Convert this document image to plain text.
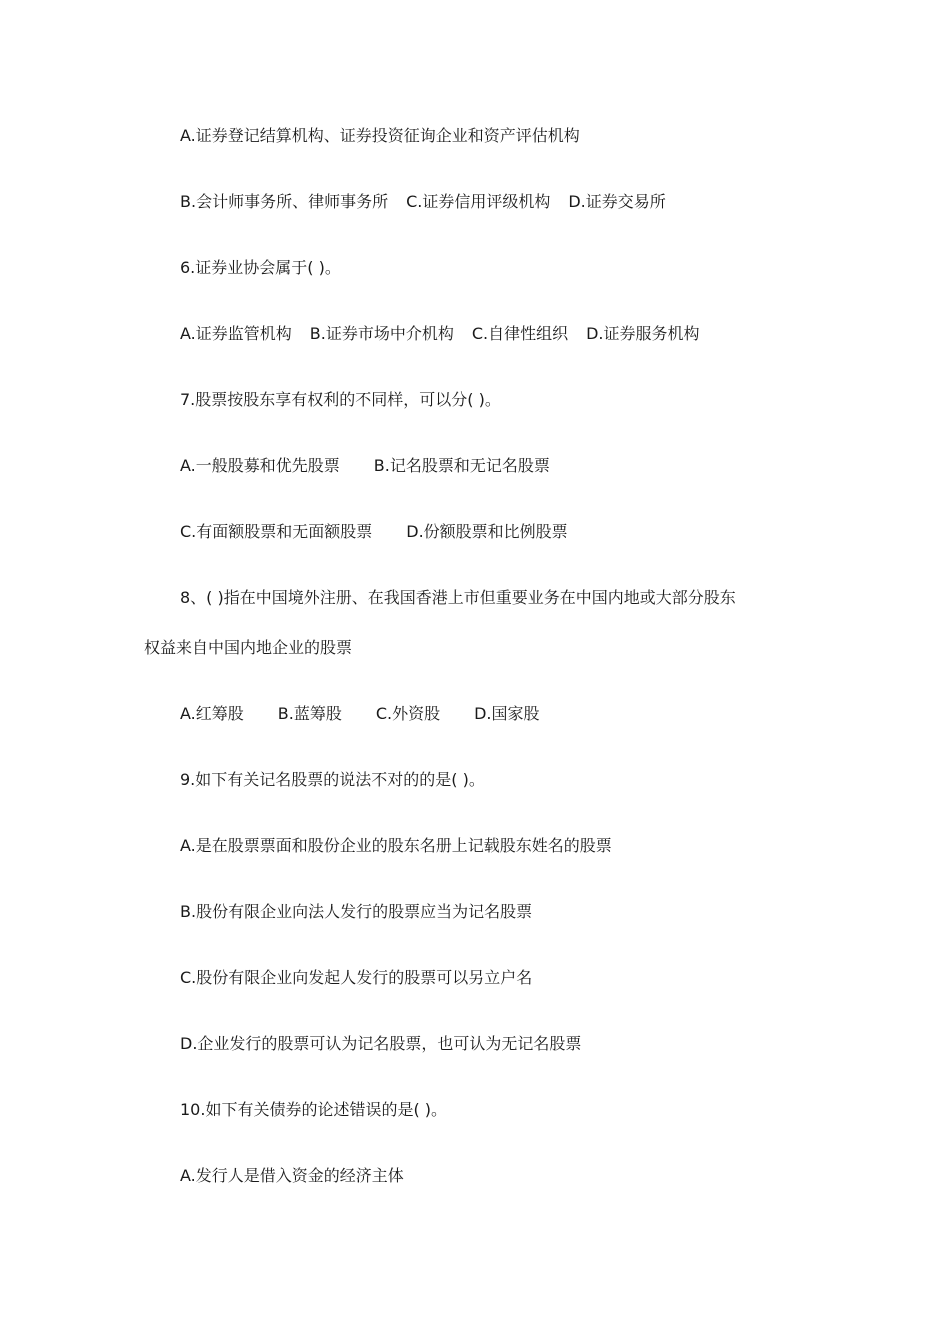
A.证券登记结算机构、证券投资征询企业和资产评估机构
B.会计师事务所、律师事务所 C.证券信用评级机构 D.证券交易所
6.证券业协会属于( )。
A.证券监管机构 B.证券市场中介机构 C.自律性组织 D.证券服务机构
7.股票按股东享有权利的不同样，可以分( )。
A.一般股募和优先股票 B.记名股票和无记名股票
C.有面额股票和无面额股票 D.份额股票和比例股票
8、( )指在中国境外注册、在我国香港上市但重要业务在中国内地或大部分股东
权益来自中国内地企业的股票
A.红筹股 B.蓝筹股 C.外资股 D.国家股
9.如下有关记名股票的说法不对的的是( )。
A.是在股票票面和股份企业的股东名册上记载股东姓名的股票
B.股份有限企业向法人发行的股票应当为记名股票
C.股份有限企业向发起人发行的股票可以另立户名
D.企业发行的股票可认为记名股票，也可认为无记名股票
10.如下有关债券的论述错误的是( )。
A.发行人是借入资金的经济主体
